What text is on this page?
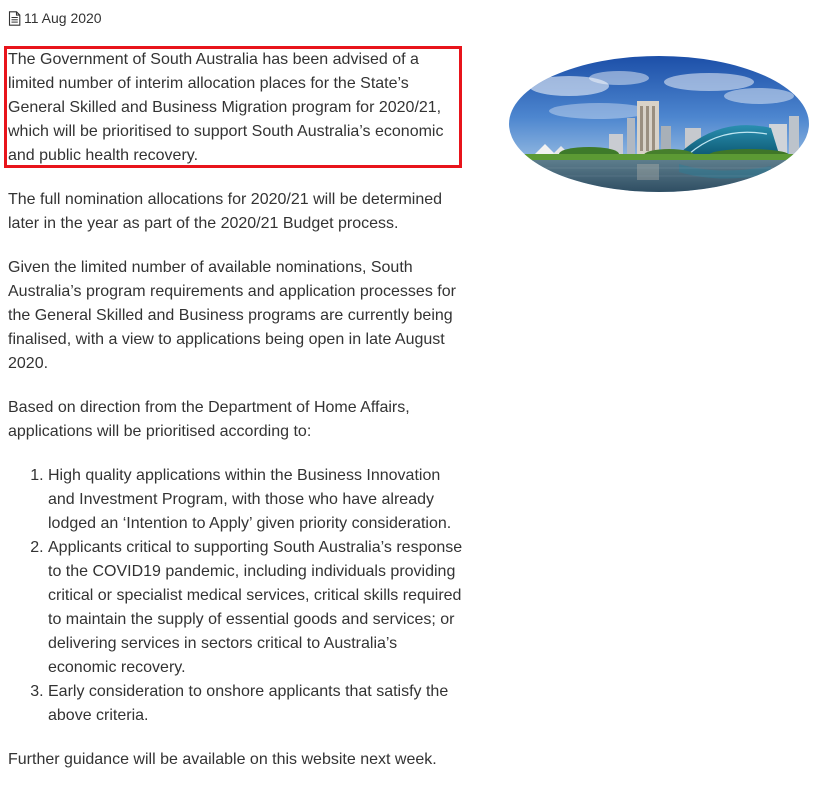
11 Aug 2020

The Government of South Australia has been advised of a limited number of interim allocation places for the State’s General Skilled and Business Migration program for 2020/21, which will be prioritised to support South Australia’s economic and public health recovery.

The full nomination allocations for 2020/21 will be determined later in the year as part of the 2020/21 Budget process.

Given the limited number of available nominations, South Australia’s program requirements and application processes for the General Skilled and Business programs are currently being finalised, with a view to applications being open in late August 2020.

Based on direction from the Department of Home Affairs, applications will be prioritised according to:

1. High quality applications within the Business Innovation and Investment Program, with those who have already lodged an ‘Intention to Apply’ given priority consideration.
2. Applicants critical to supporting South Australia’s response to the COVID19 pandemic, including individuals providing critical or specialist medical services, critical skills required to maintain the supply of essential goods and services; or delivering services in sectors critical to Australia’s economic recovery.
3. Early consideration to onshore applicants that satisfy the above criteria.

Further guidance will be available on this website next week.
